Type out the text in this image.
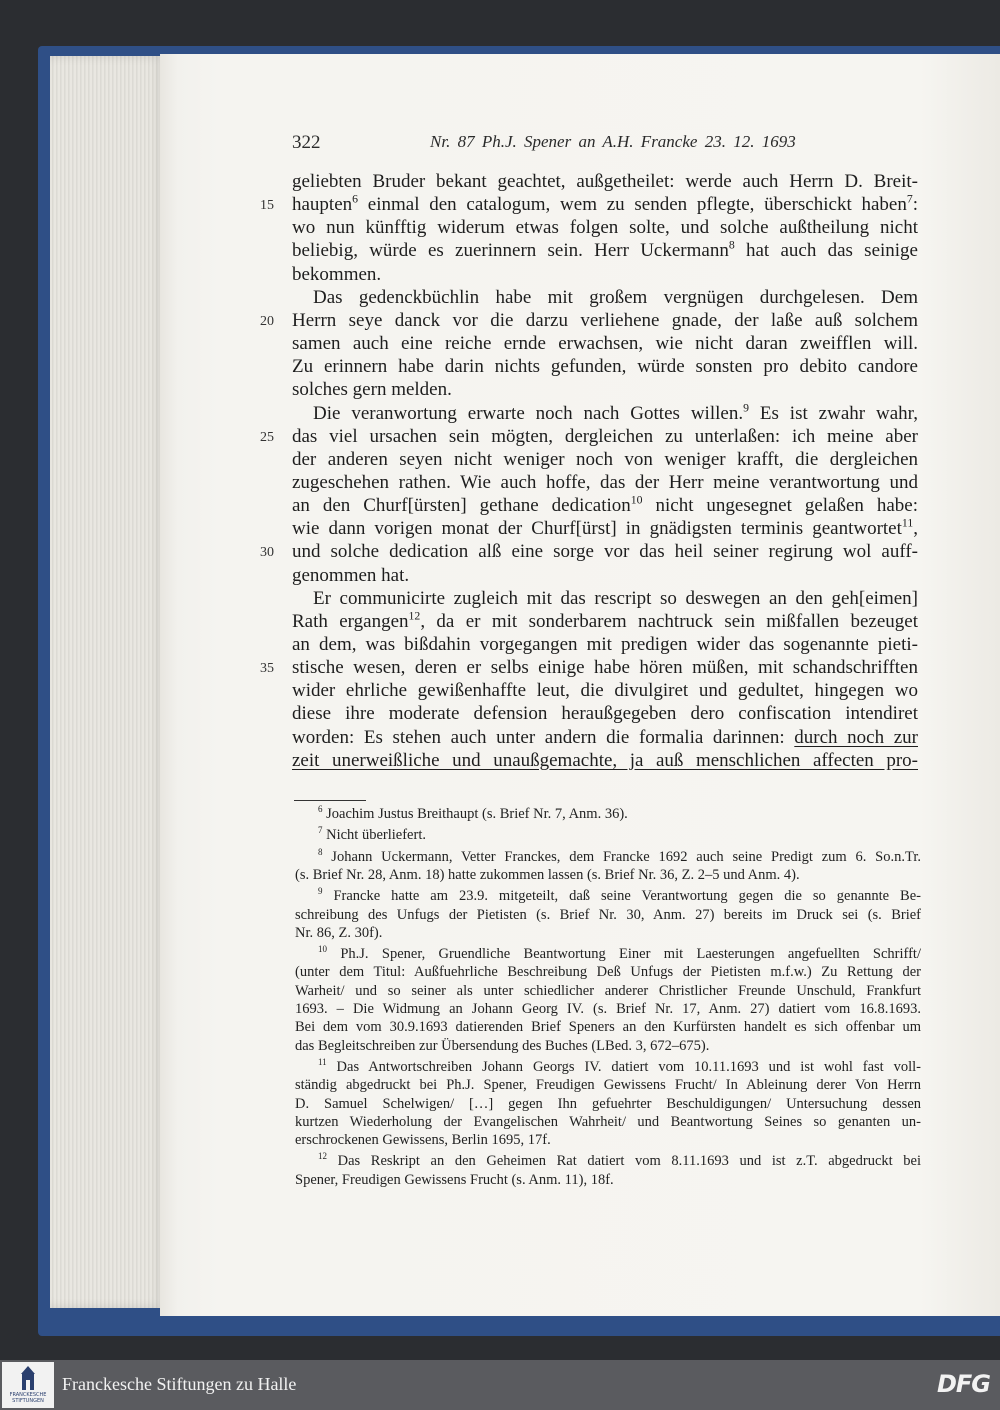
322	Nr. 87 Ph.J. Spener an A.H. Francke 23. 12. 1693
15
20
25
30
35
geliebten Bruder bekant geachtet, außgetheilet: werde auch Herrn D. Breit-
haupten$^6$ einmal den catalogum, wem zu senden pflegte, überschickt haben$^7$:
wo nun künfftig widerum etwas folgen solte, und solche außtheilung nicht
beliebig, würde es zuerinnern sein. Herr Uckermann$^8$ hat auch das seinige
bekommen.
Das gedenckbüchlin habe mit großem vergnügen durchgelesen. Dem
Herrn seye danck vor die darzu verliehene gnade, der laße auß solchem
samen auch eine reiche ernde erwachsen, wie nicht daran zweifflen will.
Zu erinnern habe darin nichts gefunden, würde sonsten pro debito candore
solches gern melden.
Die veranwortung erwarte noch nach Gottes willen.$^9$ Es ist zwahr wahr,
das viel ursachen sein mögten, dergleichen zu unterlaßen: ich meine aber
der anderen seyen nicht weniger noch von weniger krafft, die dergleichen
zugeschehen rathen. Wie auch hoffe, das der Herr meine verantwortung und
an den Churf[ürsten] gethane dedication$^{10}$ nicht ungesegnet gelaßen habe:
wie dann vorigen monat der Churf[ürst] in gnädigsten terminis geantwortet$^{11}$,
und solche dedication alß eine sorge vor das heil seiner regirung wol auff-
genommen hat.
Er communicirte zugleich mit das rescript so deswegen an den geh[eimen]
Rath ergangen$^{12}$, da er mit sonderbarem nachtruck sein mißfallen bezeuget
an dem, was bißdahin vorgegangen mit predigen wider das sogenannte pieti-
stische wesen, deren er selbs einige habe hören müßen, mit schandschrifften
wider ehrliche gewißenhaffte leut, die divulgiret und gedultet, hingegen wo
diese ihre moderate defension heraußgegeben dero confiscation intendiret
worden: Es stehen auch unter andern die formalia darinnen: durch noch zur
zeit unerweißliche und unaußgemachte, ja auß menschlichen affecten pro-
$^6$ Joachim Justus Breithaupt (s. Brief Nr. 7, Anm. 36).
$^7$ Nicht überliefert.
$^8$ Johann Uckermann, Vetter Franckes, dem Francke 1692 auch seine Predigt zum 6. So.n.Tr.
(s. Brief Nr. 28, Anm. 18) hatte zukommen lassen (s. Brief Nr. 36, Z. 2–5 und Anm. 4).
$^9$ Francke hatte am 23.9. mitgeteilt, daß seine Verantwortung gegen die so genannte Be-
schreibung des Unfugs der Pietisten (s. Brief Nr. 30, Anm. 27) bereits im Druck sei (s. Brief
Nr. 86, Z. 30f).
$^{10}$ Ph.J. Spener, Gruendliche Beantwortung Einer mit Laesterungen angefuellten Schrifft/
(unter dem Titul: Außfuehrliche Beschreibung Deß Unfugs der Pietisten m.f.w.) Zu Rettung der
Warheit/ und so seiner als unter schiedlicher anderer Christlicher Freunde Unschuld, Frankfurt
1693. – Die Widmung an Johann Georg IV. (s. Brief Nr. 17, Anm. 27) datiert vom 16.8.1693.
Bei dem vom 30.9.1693 datierenden Brief Speners an den Kurfürsten handelt es sich offenbar um
das Begleitschreiben zur Übersendung des Buches (LBed. 3, 672–675).
$^{11}$ Das Antwortschreiben Johann Georgs IV. datiert vom 10.11.1693 und ist wohl fast voll-
ständig abgedruckt bei Ph.J. Spener, Freudigen Gewissens Frucht/ In Ableinung derer Von Herrn
D. Samuel Schelwigen/ […] gegen Ihn gefuehrter Beschuldigungen/ Untersuchung dessen
kurtzen Wiederholung der Evangelischen Wahrheit/ und Beantwortung Seines so genanten un-
erschrockenen Gewissens, Berlin 1695, 17f.
$^{12}$ Das Reskript an den Geheimen Rat datiert vom 8.11.1693 und ist z.T. abgedruckt bei
Spener, Freudigen Gewissens Frucht (s. Anm. 11), 18f.
FRANCKESCHE
STIFTUNGEN
Franckesche Stiftungen zu Halle	DFG
